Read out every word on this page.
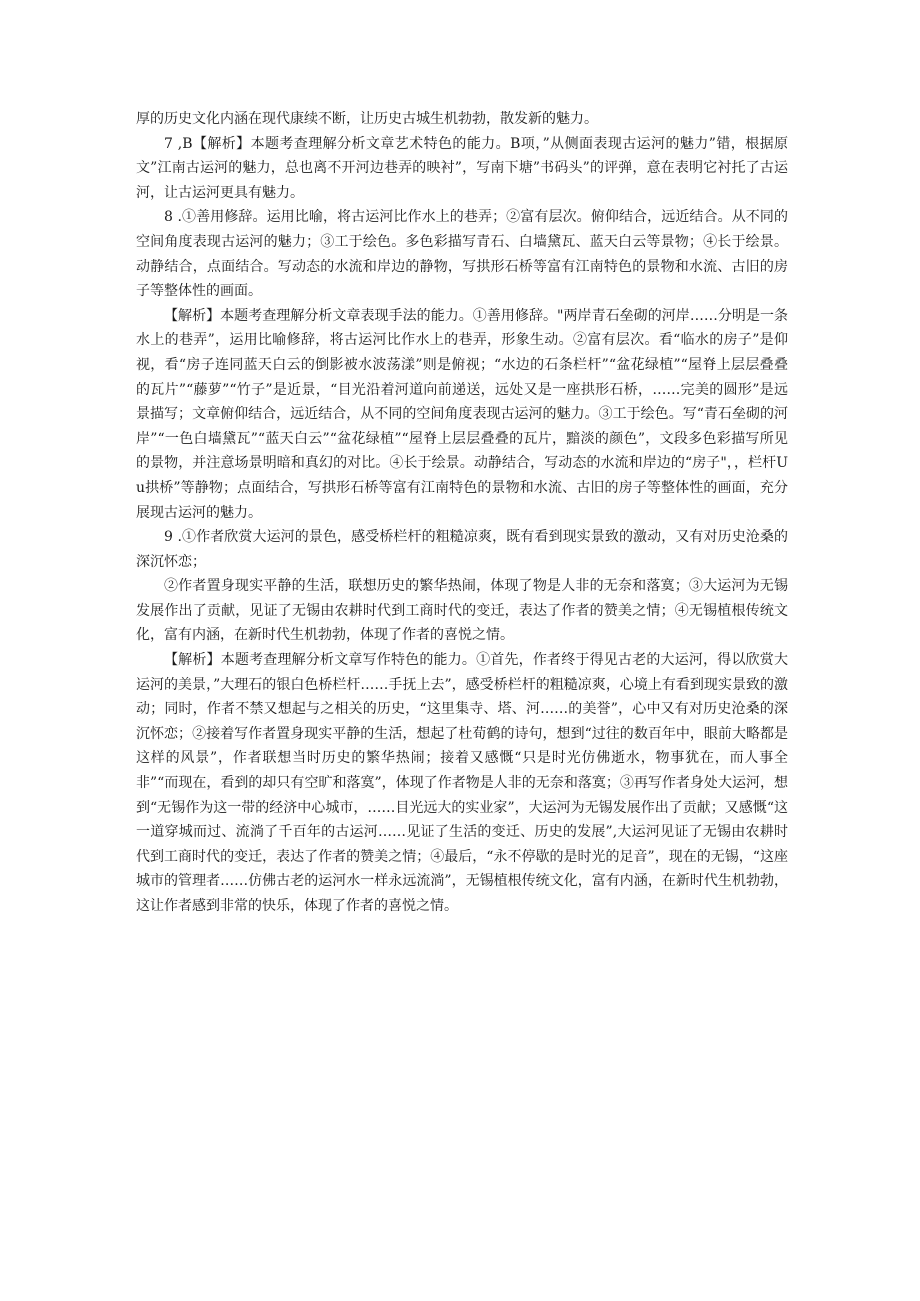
厚的历史文化内涵在现代康续不断，让历史古城生机勃勃，散发新的魅力。

7 ,B【解析】本题考查理解分析文章艺术特色的能力。B项，”从侧面表现古运河的魅力”错，根据原文”江南古运河的魅力，总也离不开河边巷弄的映衬”，写南下塘”书码头”的评弹，意在表明它衬托了古运河，让古运河更具有魅力。

8 .①善用修辞。运用比喻，将古运河比作水上的巷弄；②富有层次。俯仰结合，远近结合。从不同的空间角度表现古运河的魅力；③工于绘色。多色彩描写青石、白墙黛瓦、蓝天白云等景物；④长于绘景。动静结合，点面结合。写动态的水流和岸边的静物，写拱形石桥等富有江南特色的景物和水流、古旧的房子等整体性的画面。

【解析】本题考查理解分析文章表现手法的能力。①善用修辞。"两岸青石垒砌的河岸……分明是一条水上的巷弄”，运用比喻修辞，将古运河比作水上的巷弄，形象生动。②富有层次。看“临水的房子”是仰视，看“房子连同蓝天白云的倒影被水波荡漾”则是俯视；“水边的石条栏杆”“盆花绿植”“屋脊上层层叠叠的瓦片”“藤萝”“竹子”是近景，“目光沿着河道向前递送，远处又是一座拱形石桥，……完美的圆形”是远景描写；文章俯仰结合，远近结合，从不同的空间角度表现古运河的魅力。③工于绘色。写“青石垒砌的河岸”“一色白墙黛瓦”“蓝天白云”“盆花绿植”“屋脊上层层叠叠的瓦片，黯淡的颜色”，文段多色彩描写所见的景物，并注意场景明暗和真幻的对比。④长于绘景。动静结合，写动态的水流和岸边的“房子"，，栏杆Uu拱桥”等静物；点面结合，写拱形石桥等富有江南特色的景物和水流、古旧的房子等整体性的画面，充分展现古运河的魅力。

9 .①作者欣赏大运河的景色，感受桥栏杆的粗糙凉爽，既有看到现实景致的激动，又有对历史沧桑的深沉怀恋；

②作者置身现实平静的生活，联想历史的繁华热闹，体现了物是人非的无奈和落寞；③大运河为无锡发展作出了贡献，见证了无锡由农耕时代到工商时代的变迁，表达了作者的赞美之情；④无锡植根传统文化，富有内涵，在新时代生机勃勃，体现了作者的喜悦之情。

【解析】本题考查理解分析文章写作特色的能力。①首先，作者终于得见古老的大运河，得以欣赏大运河的美景，”大理石的银白色桥栏杆……手抚上去”，感受桥栏杆的粗糙凉爽，心境上有看到现实景致的激动；同时，作者不禁又想起与之相关的历史，“这里集寺、塔、河……的美誉”，心中又有对历史沧桑的深沉怀恋；②接着写作者置身现实平静的生活，想起了杜荀鹤的诗句，想到“过往的数百年中，眼前大略都是这样的风景”，作者联想当时历史的繁华热闹；接着又感慨“只是时光仿佛逝水，物事犹在，而人事全非”“而现在，看到的却只有空旷和落寞”，体现了作者物是人非的无奈和落寞；③再写作者身处大运河，想到“无锡作为这一带的经济中心城市，……目光远大的实业家”，大运河为无锡发展作出了贡献；又感慨“这一道穿城而过、流淌了千百年的古运河……见证了生活的变迁、历史的发展”,大运河见证了无锡由农耕时代到工商时代的变迁，表达了作者的赞美之情；④最后，“永不停歇的是时光的足音”，现在的无锡，“这座城市的管理者……仿佛古老的运河水一样永远流淌”，无锡植根传统文化，富有内涵，在新时代生机勃勃，这让作者感到非常的快乐，体现了作者的喜悦之情。
